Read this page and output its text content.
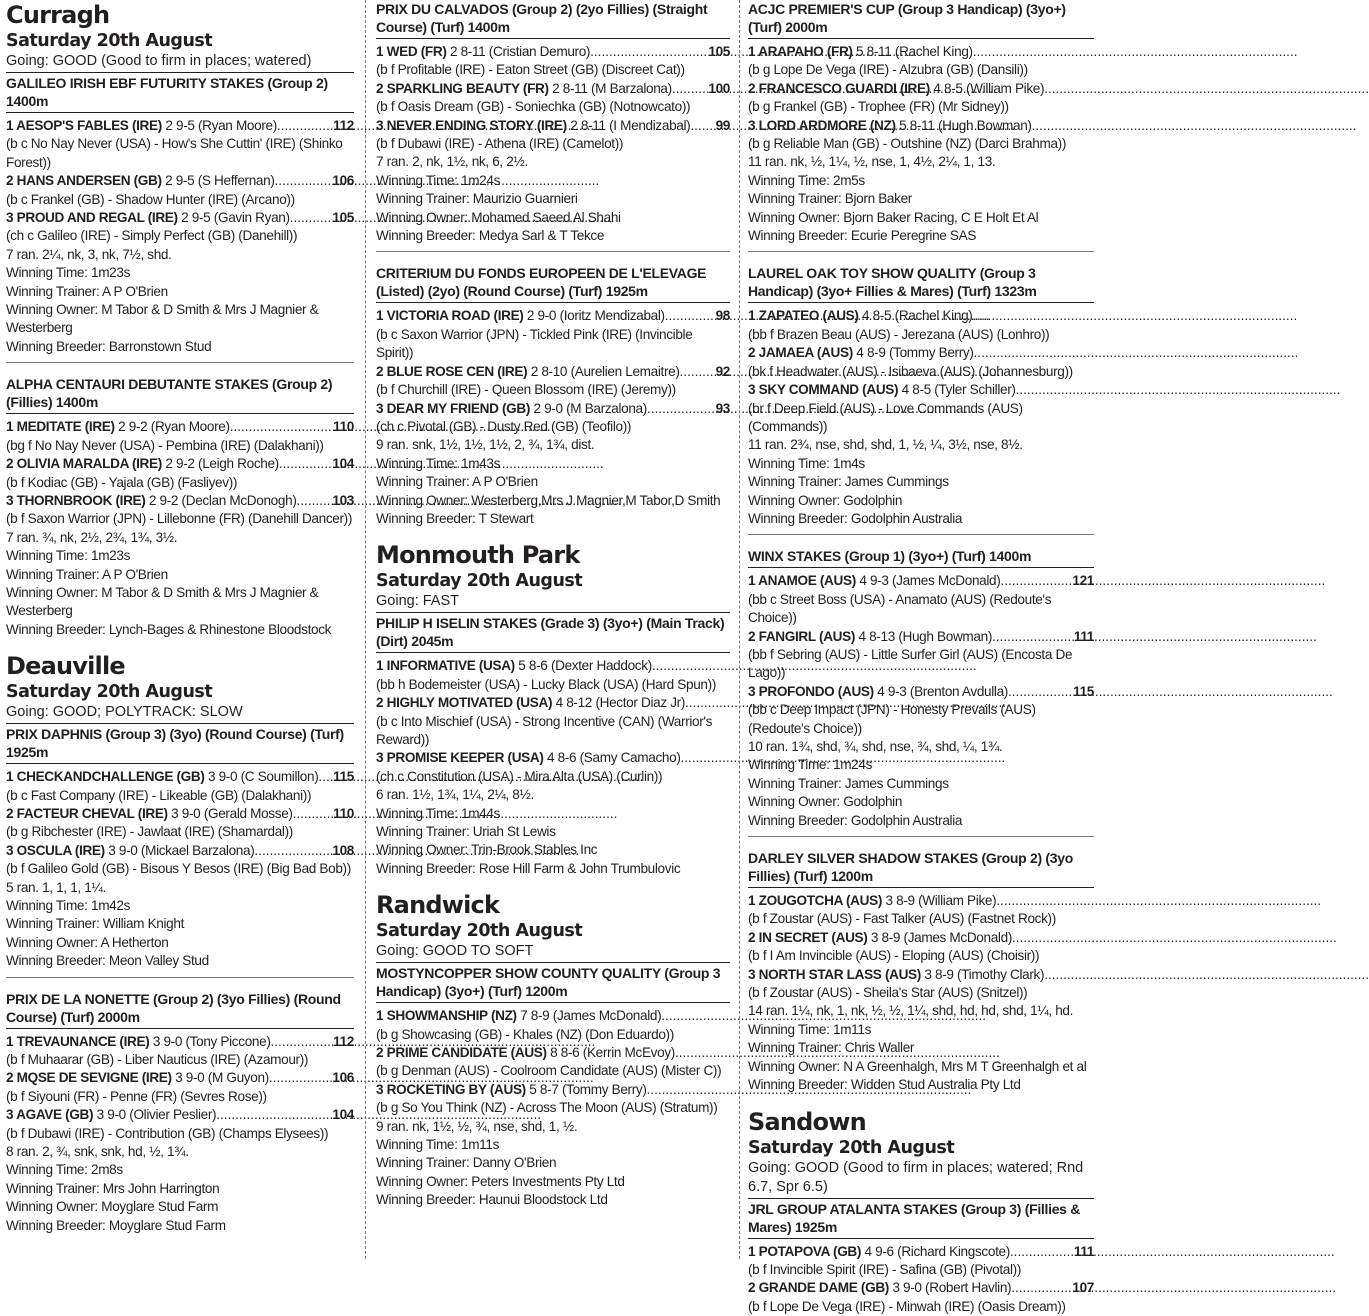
Curragh
Saturday 20th August
Going: GOOD (Good to firm in places; watered)
GALILEO IRISH EBF FUTURITY STAKES (Group 2) 1400m
1 AESOP'S FABLES (IRE) 2 9-5 (Ryan Moore) .....	112
(b c No Nay Never (USA) - How's She Cuttin' (IRE) (Shinko Forest))
2 HANS ANDERSEN (GB) 2 9-5 (S Heffernan) .....	106
(b c Frankel (GB) - Shadow Hunter (IRE) (Arcano))
3 PROUD AND REGAL (IRE) 2 9-5 (Gavin Ryan) .....	105
(ch c Galileo (IRE) - Simply Perfect (GB) (Danehill))
7 ran. 2¼, nk, 3, nk, 7½, shd.
Winning Time: 1m23s
Winning Trainer: A P O'Brien
Winning Owner: M Tabor & D Smith & Mrs J Magnier & Westerberg
Winning Breeder: Barronstown Stud
ALPHA CENTAURI DEBUTANTE STAKES (Group 2) (Fillies) 1400m
1 MEDITATE (IRE) 2 9-2 (Ryan Moore) .....	110
(bg f No Nay Never (USA) - Pembina (IRE) (Dalakhani))
2 OLIVIA MARALDA (IRE) 2 9-2 (Leigh Roche) .....	104
(b f Kodiac (GB) - Yajala (GB) (Fasliyev))
3 THORNBROOK (IRE) 2 9-2 (Declan McDonogh) .....	103
(b f Saxon Warrior (JPN) - Lillebonne (FR) (Danehill Dancer))
7 ran. ¾, nk, 2½, 2¾, 1¾, 3½.
Winning Time: 1m23s
Winning Trainer: A P O'Brien
Winning Owner: M Tabor & D Smith & Mrs J Magnier & Westerberg
Winning Breeder: Lynch-Bages & Rhinestone Bloodstock
Deauville
Saturday 20th August
Going: GOOD; POLYTRACK: SLOW
PRIX DAPHNIS (Group 3) (3yo) (Round Course) (Turf) 1925m
1 CHECKANDCHALLENGE (GB) 3 9-0 (C Soumillon) ..... 115
(b c Fast Company (IRE) - Likeable (GB) (Dalakhani))
2 FACTEUR CHEVAL (IRE) 3 9-0 (Gerald Mosse) .....	110
(b g Ribchester (IRE) - Jawlaat (IRE) (Shamardal))
3 OSCULA (IRE) 3 9-0 (Mickael Barzalona) .....	108
(b f Galileo Gold (GB) - Bisous Y Besos (IRE) (Big Bad Bob))
5 ran. 1, 1, 1, 1¼.
Winning Time: 1m42s
Winning Trainer: William Knight
Winning Owner: A Hetherton
Winning Breeder: Meon Valley Stud
PRIX DE LA NONETTE (Group 2) (3yo Fillies) (Round Course) (Turf) 2000m
1 TREVAUNANCE (IRE) 3 9-0 (Tony Piccone) .....	112
(b f Muhaarar (GB) - Liber Nauticus (IRE) (Azamour))
2 MQSE DE SEVIGNE (IRE) 3 9-0 (M Guyon) .....	106
(b f Siyouni (FR) - Penne (FR) (Sevres Rose))
3 AGAVE (GB) 3 9-0 (Olivier Peslier) .....	104
(b f Dubawi (IRE) - Contribution (GB) (Champs Elysees))
8 ran. 2, ¾, snk, snk, hd, ½, 1¾.
Winning Time: 2m8s
Winning Trainer: Mrs John Harrington
Winning Owner: Moyglare Stud Farm
Winning Breeder: Moyglare Stud Farm
PRIX DU CALVADOS (Group 2) (2yo Fillies) (Straight Course) (Turf) 1400m
1 WED (FR) 2 8-11 (Cristian Demuro) .....	105
(b f Profitable (IRE) - Eaton Street (GB) (Discreet Cat))
2 SPARKLING BEAUTY (FR) 2 8-11 (M Barzalona) .....	100
(b f Oasis Dream (GB) - Soniechka (GB) (Notnowcato))
3 NEVER ENDING STORY (IRE) 2 8-11 (I Mendizabal) ..... 99
(b f Dubawi (IRE) - Athena (IRE) (Camelot))
7 ran. 2, nk, 1½, nk, 6, 2½.
Winning Time: 1m24s
Winning Trainer: Maurizio Guarnieri
Winning Owner: Mohamed Saeed Al Shahi
Winning Breeder: Medya Sarl & T Tekce
CRITERIUM DU FONDS EUROPEEN DE L'ELEVAGE (Listed) (2yo) (Round Course) (Turf) 1925m
1 VICTORIA ROAD (IRE) 2 9-0 (Ioritz Mendizabal) .....	98
(b c Saxon Warrior (JPN) - Tickled Pink (IRE) (Invincible Spirit))
2 BLUE ROSE CEN (IRE) 2 8-10 (Aurelien Lemaitre) .....	92
(b f Churchill (IRE) - Queen Blossom (IRE) (Jeremy))
3 DEAR MY FRIEND (GB) 2 9-0 (M Barzalona) .....	93
(ch c Pivotal (GB) - Dusty Red (GB) (Teofilo))
9 ran. snk, 1½, 1½, 1½, 2, ¾, 1¾, dist.
Winning Time: 1m43s
Winning Trainer: A P O'Brien
Winning Owner: Westerberg,Mrs J Magnier,M Tabor,D Smith
Winning Breeder: T Stewart
Monmouth Park
Saturday 20th August
Going: FAST
PHILIP H ISELIN STAKES (Grade 3) (3yo+) (Main Track) (Dirt) 2045m
1 INFORMATIVE (USA) 5 8-6 (Dexter Haddock)
.....
(bb h Bodemeister (USA) - Lucky Black (USA) (Hard Spun))
2 HIGHLY MOTIVATED (USA) 4 8-12 (Hector Diaz Jr)
.....
(b c Into Mischief (USA) - Strong Incentive (CAN) (Warrior's Reward))
3 PROMISE KEEPER (USA) 4 8-6 (Samy Camacho)
.....
(ch c Constitution (USA) - Mira Alta (USA) (Curlin))
6 ran. 1½, 1¾, 1¼, 2¼, 8½.
Winning Time: 1m44s
Winning Trainer: Uriah St Lewis
Winning Owner: Trin-Brook Stables Inc
Winning Breeder: Rose Hill Farm & John Trumbulovic
Randwick
Saturday 20th August
Going: GOOD TO SOFT
MOSTYNCOPPER SHOW COUNTY QUALITY (Group 3 Handicap) (3yo+) (Turf) 1200m
1 SHOWMANSHIP (NZ) 7 8-9 (James McDonald)
.....
(b g Showcasing (GB) - Khales (NZ) (Don Eduardo))
2 PRIME CANDIDATE (AUS) 8 8-6 (Kerrin McEvoy)
.....
(b g Denman (AUS) - Coolroom Candidate (AUS) (Mister C))
3 ROCKETING BY (AUS) 5 8-7 (Tommy Berry)
.....
(b g So You Think (NZ) - Across The Moon (AUS) (Stratum))
9 ran. nk, 1½, ½, ¾, nse, shd, 1, ½.
Winning Time: 1m11s
Winning Trainer: Danny O'Brien
Winning Owner: Peters Investments Pty Ltd
Winning Breeder: Haunui Bloodstock Ltd
ACJC PREMIER'S CUP (Group 3 Handicap) (3yo+) (Turf) 2000m
1 ARAPAHO (FR) 5 8-11 (Rachel King)
.....
(b g Lope De Vega (IRE) - Alzubra (GB) (Dansili))
2 FRANCESCO GUARDI (IRE) 4 8-5 (William Pike)
.....
(b g Frankel (GB) - Trophee (FR) (Mr Sidney))
3 LORD ARDMORE (NZ) 5 8-11 (Hugh Bowman)
.....
(b g Reliable Man (GB) - Outshine (NZ) (Darci Brahma))
11 ran. nk, ½, 1¼, ½, nse, 1, 4½, 2¼, 1, 13.
Winning Time: 2m5s
Winning Trainer: Bjorn Baker
Winning Owner: Bjorn Baker Racing, C E Holt Et Al
Winning Breeder: Ecurie Peregrine SAS
LAUREL OAK TOY SHOW QUALITY (Group 3 Handicap) (3yo+ Fillies & Mares) (Turf) 1323m
1 ZAPATEO (AUS) 4 8-5 (Rachel King)
.....
(bb f Brazen Beau (AUS) - Jerezana (AUS) (Lonhro))
2 JAMAEA (AUS) 4 8-9 (Tommy Berry)
.....
(bk f Headwater (AUS) - Isibaeva (AUS) (Johannesburg))
3 SKY COMMAND (AUS) 4 8-5 (Tyler Schiller)
.....
(br f Deep Field (AUS) - Love Commands (AUS) (Commands))
11 ran. 2¾, nse, shd, shd, 1, ½, ¼, 3½, nse, 8½.
Winning Time: 1m4s
Winning Trainer: James Cummings
Winning Owner: Godolphin
Winning Breeder: Godolphin Australia
WINX STAKES (Group 1) (3yo+) (Turf) 1400m
1 ANAMOE (AUS) 4 9-3 (James McDonald) .....	121
(bb c Street Boss (USA) - Anamato (AUS) (Redoute's Choice))
2 FANGIRL (AUS) 4 8-13 (Hugh Bowman) .....	111
(bb f Sebring (AUS) - Little Surfer Girl (AUS) (Encosta De Lago))
3 PROFONDO (AUS) 4 9-3 (Brenton Avdulla) .....	115
(bb c Deep Impact (JPN) - Honesty Prevails (AUS) (Redoute's Choice))
10 ran. 1¾, shd, ¾, shd, nse, ¾, shd, ¼, 1¾.
Winning Time: 1m24s
Winning Trainer: James Cummings
Winning Owner: Godolphin
Winning Breeder: Godolphin Australia
DARLEY SILVER SHADOW STAKES (Group 2) (3yo Fillies) (Turf) 1200m
1 ZOUGOTCHA (AUS) 3 8-9 (William Pike)
.....
(b f Zoustar (AUS) - Fast Talker (AUS) (Fastnet Rock))
2 IN SECRET (AUS) 3 8-9 (James McDonald)
.....
(b f I Am Invincible (AUS) - Eloping (AUS) (Choisir))
3 NORTH STAR LASS (AUS) 3 8-9 (Timothy Clark)
.....
(b f Zoustar (AUS) - Sheila's Star (AUS) (Snitzel))
14 ran. 1¼, nk, 1, nk, ½, ½, 1¼, shd, hd, hd, shd, 1¼, hd.
Winning Time: 1m11s
Winning Trainer: Chris Waller
Winning Owner: N A Greenhalgh, Mrs M T Greenhalgh et al
Winning Breeder: Widden Stud Australia Pty Ltd
Sandown
Saturday 20th August
Going: GOOD (Good to firm in places; watered; Rnd 6.7, Spr 6.5)
JRL GROUP ATALANTA STAKES (Group 3) (Fillies & Mares) 1925m
1 POTAPOVA (GB) 4 9-6 (Richard Kingscote) .....	111
(b f Invincible Spirit (IRE) - Safina (GB) (Pivotal))
2 GRANDE DAME (GB) 3 9-0 (Robert Havlin) .....	107
(b f Lope De Vega (IRE) - Minwah (IRE) (Oasis Dream))
